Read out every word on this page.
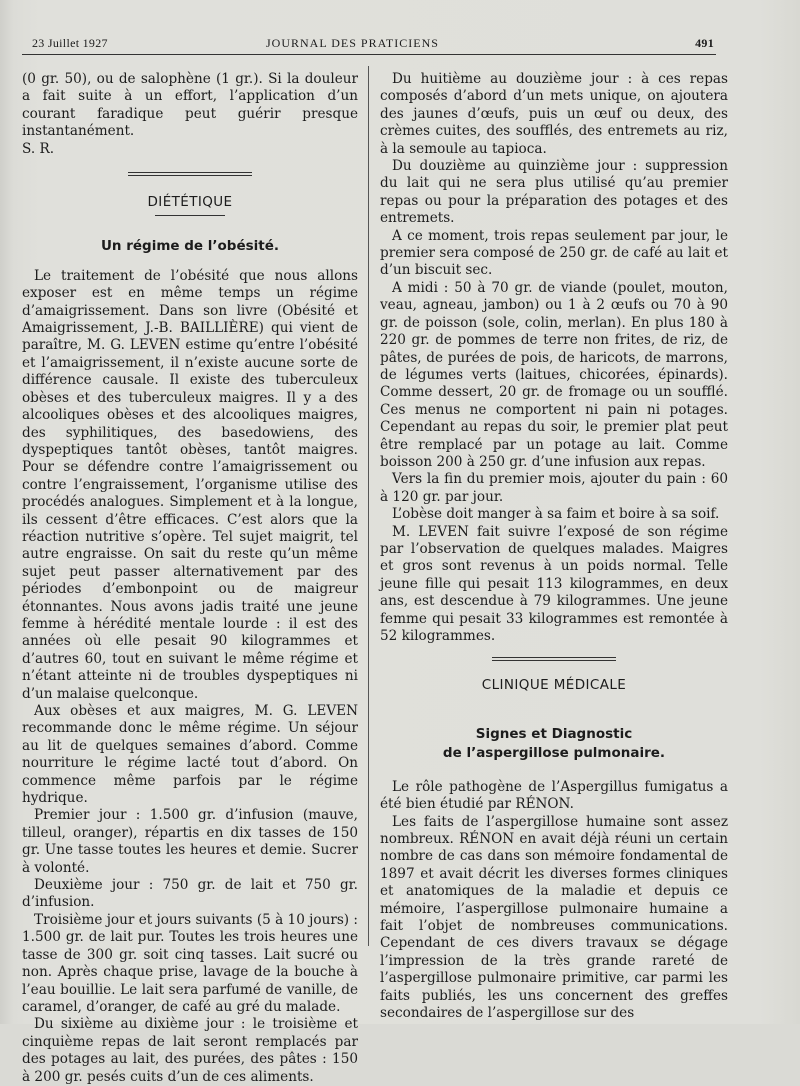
23 Juillet 1927	JOURNAL DES PRATICIENS	491

(0 gr. 50), ou de salophène (1 gr.). Si la douleur a fait suite à un effort, l’application d’un courant faradique peut guérir presque instantanément.

S. R.

DIÉTÉTIQUE
Un régime de l’obésité.

Le traitement de l’obésité que nous allons exposer est en même temps un régime d’amaigrissement. Dans son livre (Obésité et Amaigrissement, J.-B. BAILLIÈRE) qui vient de paraître, M. G. LEVEN estime qu’entre l’obésité et l’amaigrissement, il n’existe aucune sorte de différence causale. Il existe des tuberculeux obèses et des tuberculeux maigres. Il y a des alcooliques obèses et des alcooliques maigres, des syphilitiques, des basedowiens, des dyspeptiques tantôt obèses, tantôt maigres. Pour se défendre contre l’amaigrissement ou contre l’engraissement, l’organisme utilise des procédés analogues. Simplement et à la longue, ils cessent d’être efficaces. C’est alors que la réaction nutritive s’opère. Tel sujet maigrit, tel autre engraisse. On sait du reste qu’un même sujet peut passer alternativement par des périodes d’embonpoint ou de maigreur étonnantes. Nous avons jadis traité une jeune femme à hérédité mentale lourde : il est des années où elle pesait 90 kilogrammes et d’autres 60, tout en suivant le même régime et n’étant atteinte ni de troubles dyspeptiques ni d’un malaise quelconque.

Aux obèses et aux maigres, M. G. LEVEN recommande donc le même régime. Un séjour au lit de quelques semaines d’abord. Comme nourriture le régime lacté tout d’abord. On commence même parfois par le régime hydrique.

Premier jour : 1.500 gr. d’infusion (mauve, tilleul, oranger), répartis en dix tasses de 150 gr. Une tasse toutes les heures et demie. Sucrer à volonté.

Deuxième jour : 750 gr. de lait et 750 gr. d’infusion.

Troisième jour et jours suivants (5 à 10 jours) : 1.500 gr. de lait pur. Toutes les trois heures une tasse de 300 gr. soit cinq tasses. Lait sucré ou non. Après chaque prise, lavage de la bouche à l’eau bouillie. Le lait sera parfumé de vanille, de caramel, d’oranger, de café au gré du malade.

Du sixième au dixième jour : le troisième et cinquième repas de lait seront remplacés par des potages au lait, des purées, des pâtes : 150 à 200 gr. pesés cuits d’un de ces aliments.

Du huitième au douzième jour : à ces repas composés d’abord d’un mets unique, on ajoutera des jaunes d’œufs, puis un œuf ou deux, des crèmes cuites, des soufflés, des entremets au riz, à la semoule au tapioca.

Du douzième au quinzième jour : suppression du lait qui ne sera plus utilisé qu’au premier repas ou pour la préparation des potages et des entremets.

A ce moment, trois repas seulement par jour, le premier sera composé de 250 gr. de café au lait et d’un biscuit sec.

A midi : 50 à 70 gr. de viande (poulet, mouton, veau, agneau, jambon) ou 1 à 2 œufs ou 70 à 90 gr. de poisson (sole, colin, merlan). En plus 180 à 220 gr. de pommes de terre non frites, de riz, de pâtes, de purées de pois, de haricots, de marrons, de légumes verts (laitues, chicorées, épinards). Comme dessert, 20 gr. de fromage ou un soufflé. Ces menus ne comportent ni pain ni potages. Cependant au repas du soir, le premier plat peut être remplacé par un potage au lait. Comme boisson 200 à 250 gr. d’une infusion aux repas.

Vers la fin du premier mois, ajouter du pain : 60 à 120 gr. par jour.

L’obèse doit manger à sa faim et boire à sa soif.

M. LEVEN fait suivre l’exposé de son régime par l’observation de quelques malades. Maigres et gros sont revenus à un poids normal. Telle jeune fille qui pesait 113 kilogrammes, en deux ans, est descendue à 79 kilogrammes. Une jeune femme qui pesait 33 kilogrammes est remontée à 52 kilogrammes.

CLINIQUE MÉDICALE
Signes et Diagnostic
de l’aspergillose pulmonaire.

Le rôle pathogène de l’Aspergillus fumigatus a été bien étudié par RÉNON.

Les faits de l’aspergillose humaine sont assez nombreux. RÉNON en avait déjà réuni un certain nombre de cas dans son mémoire fondamental de 1897 et avait décrit les diverses formes cliniques et anatomiques de la maladie et depuis ce mémoire, l’aspergillose pulmonaire humaine a fait l’objet de nombreuses communications. Cependant de ces divers travaux se dégage l’impression de la très grande rareté de l’aspergillose pulmonaire primitive, car parmi les faits publiés, les uns concernent des greffes secondaires de l’aspergillose sur des
